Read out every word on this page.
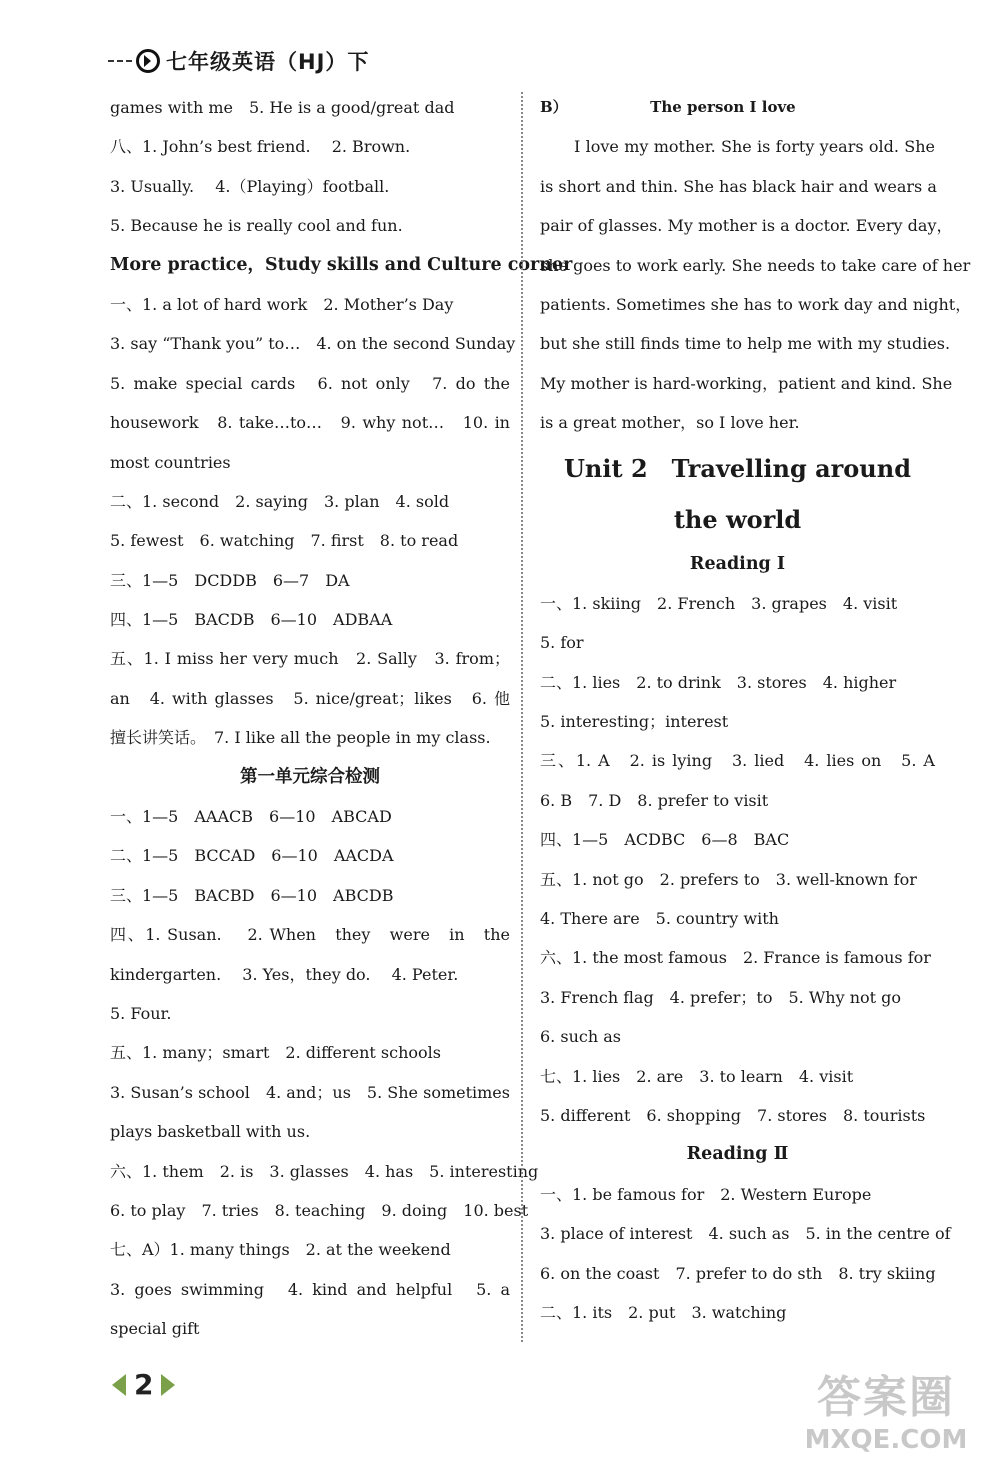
七年级英语（HJ）下
games with me　5. He is a good/great dad
八、1. John’s best friend.　 2. Brown.
3. Usually.　 4.（Playing）football.
5. Because he is really cool and fun.
More practice，Study skills and Culture corner
一、1. a lot of hard work　2. Mother’s Day
3. say “Thank you” to…　4. on the second Sunday
5. make special cards　6. not only　7. do the
housework　8. take…to…　9. why not…　10. in
most countries
二、1. second　2. saying　3. plan　4. sold
5. fewest　6. watching　7. first　8. to read
三、1—5　DCDDB　6—7　DA
四、1—5　BACDB　6—10　ADBAA
五、1. I miss her very much　2. Sally　3. from；
an　4. with glasses　5. nice/great；likes　6. 他
擅长讲笑话。　7. I like all the people in my class.
第一单元综合检测
一、1—5　AAACB　6—10　ABCAD
二、1—5　BCCAD　6—10　AACDA
三、1—5　BACBD　6—10　ABCDB
四、1. Susan.　 2. When　they　were　in　the
kindergarten.　 3. Yes，they do.　 4. Peter.
5. Four.
五、1. many；smart　2. different schools
3. Susan’s school　4. and；us　5. She sometimes
plays basketball with us.
六、1. them　2. is　3. glasses　4. has　5. interesting
6. to play　7. tries　8. teaching　9. doing　10. best
七、A）1. many things　2. at the weekend
3. goes swimming　4. kind and helpful　5. a
special gift
B）　　　　　　The person I love
I love my mother. She is forty years old. She
is short and thin. She has black hair and wears a
pair of glasses. My mother is a doctor. Every day，
she goes to work early. She needs to take care of her
patients. Sometimes she has to work day and night，
but she still finds time to help me with my studies.
My mother is hard-working，patient and kind. She
is a great mother，so I love her.
Unit 2　Travelling around
the world
Reading Ⅰ
一、1. skiing　2. French　3. grapes　4. visit
5. for
二、1. lies　2. to drink　3. stores　4. higher
5. interesting；interest
三、1. A　2. is lying　3. lied　4. lies on　5. A
6. B　7. D　8. prefer to visit
四、1—5　ACDBC　6—8　BAC
五、1. not go　2. prefers to　3. well-known for
4. There are　5. country with
六、1. the most famous　2. France is famous for
3. French flag　4. prefer；to　5. Why not go
6. such as
七、1. lies　2. are　3. to learn　4. visit
5. different　6. shopping　7. stores　8. tourists
Reading Ⅱ
一、1. be famous for　2. Western Europe
3. place of interest　4. such as　5. in the centre of
6. on the coast　7. prefer to do sth　8. try skiing
二、1. its　2. put　3. watching
2	答案圈
MXQE.COM
